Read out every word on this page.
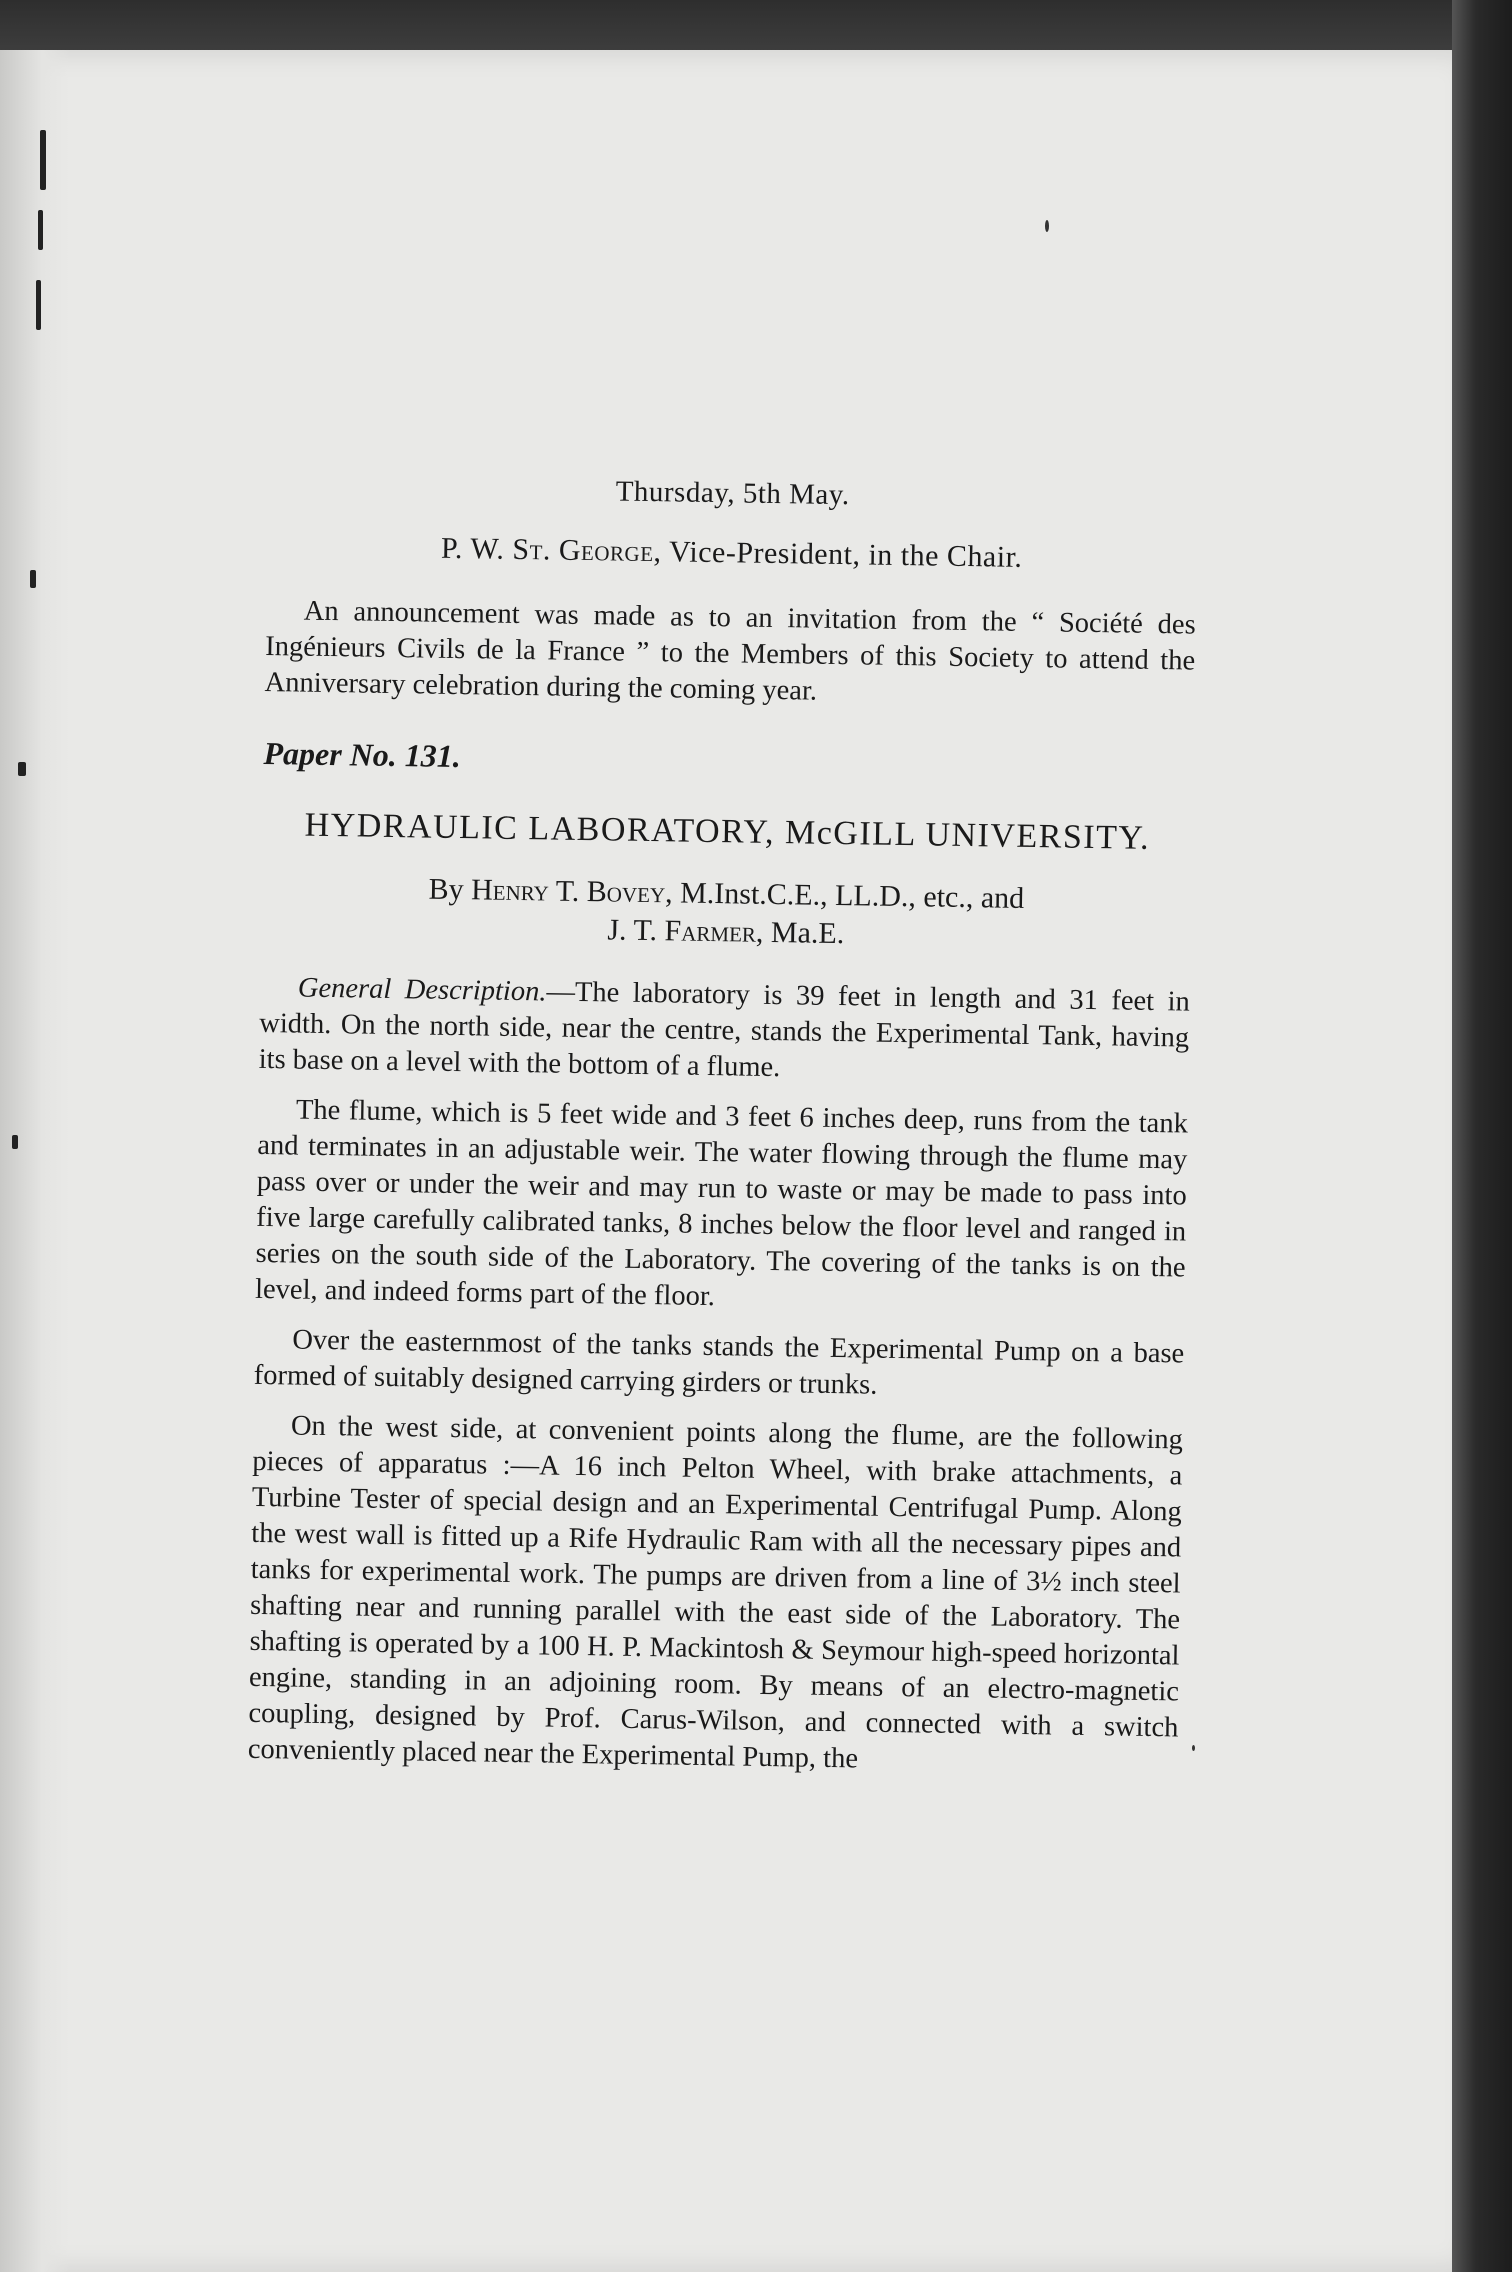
Thursday, 5th May.
P. W. St. George, Vice-President, in the Chair.

An announcement was made as to an invitation from the “ Société des Ingénieurs Civils de la France ” to the Members of this Society to attend the Anniversary celebration during the coming year.

Paper No. 131.
HYDRAULIC LABORATORY, McGILL UNIVERSITY.
By Henry T. Bovey, M.Inst.C.E., LL.D., etc., and
J. T. Farmer, Ma.E.

General Description.—The laboratory is 39 feet in length and 31 feet in width. On the north side, near the centre, stands the Experimental Tank, having its base on a level with the bottom of a flume.

The flume, which is 5 feet wide and 3 feet 6 inches deep, runs from the tank and terminates in an adjustable weir. The water flowing through the flume may pass over or under the weir and may run to waste or may be made to pass into five large carefully calibrated tanks, 8 inches below the floor level and ranged in series on the south side of the Laboratory. The covering of the tanks is on the level, and indeed forms part of the floor.

Over the easternmost of the tanks stands the Experimental Pump on a base formed of suitably designed carrying girders or trunks.

On the west side, at convenient points along the flume, are the following pieces of apparatus :—A 16 inch Pelton Wheel, with brake attachments, a Turbine Tester of special design and an Experimental Centrifugal Pump. Along the west wall is fitted up a Rife Hydraulic Ram with all the necessary pipes and tanks for experimental work. The pumps are driven from a line of 3½ inch steel shafting near and running parallel with the east side of the Laboratory. The shafting is operated by a 100 H. P. Mackintosh & Seymour high-speed horizontal engine, standing in an adjoining room. By means of an electro-magnetic coupling, designed by Prof. Carus-Wilson, and connected with a switch conveniently placed near the Experimental Pump, the
